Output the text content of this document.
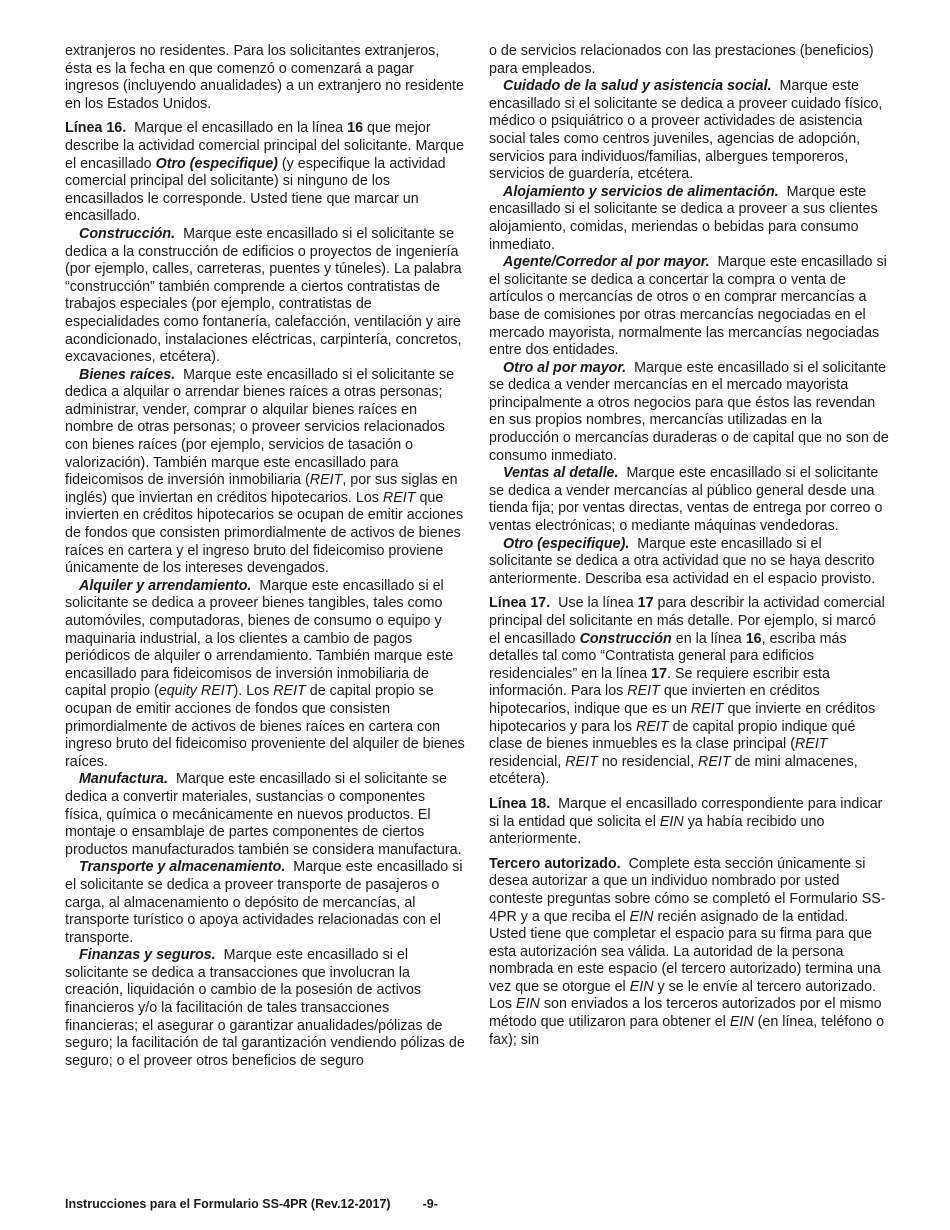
extranjeros no residentes. Para los solicitantes extranjeros, ésta es la fecha en que comenzó o comenzará a pagar ingresos (incluyendo anualidades) a un extranjero no residente en los Estados Unidos.

Línea 16. Marque el encasillado en la línea 16 que mejor describe la actividad comercial principal del solicitante. Marque el encasillado Otro (especifique) (y especifique la actividad comercial principal del solicitante) si ninguno de los encasillados le corresponde. Usted tiene que marcar un encasillado.

Construcción. Marque este encasillado si el solicitante se dedica a la construcción de edificios o proyectos de ingeniería (por ejemplo, calles, carreteras, puentes y túneles). La palabra “construcción” también comprende a ciertos contratistas de trabajos especiales (por ejemplo, contratistas de especialidades como fontanería, calefacción, ventilación y aire acondicionado, instalaciones eléctricas, carpintería, concretos, excavaciones, etcétera).

Bienes raíces. Marque este encasillado si el solicitante se dedica a alquilar o arrendar bienes raíces a otras personas; administrar, vender, comprar o alquilar bienes raíces en nombre de otras personas; o proveer servicios relacionados con bienes raíces (por ejemplo, servicios de tasación o valorización). También marque este encasillado para fideicomisos de inversión inmobiliaria (REIT, por sus siglas en inglés) que inviertan en créditos hipotecarios. Los REIT que invierten en créditos hipotecarios se ocupan de emitir acciones de fondos que consisten primordialmente de activos de bienes raíces en cartera y el ingreso bruto del fideicomiso proviene únicamente de los intereses devengados.

Alquiler y arrendamiento. Marque este encasillado si el solicitante se dedica a proveer bienes tangibles, tales como automóviles, computadoras, bienes de consumo o equipo y maquinaria industrial, a los clientes a cambio de pagos periódicos de alquiler o arrendamiento. También marque este encasillado para fideicomisos de inversión inmobiliaria de capital propio (equity REIT). Los REIT de capital propio se ocupan de emitir acciones de fondos que consisten primordialmente de activos de bienes raíces en cartera con ingreso bruto del fideicomiso proveniente del alquiler de bienes raíces.

Manufactura. Marque este encasillado si el solicitante se dedica a convertir materiales, sustancias o componentes física, química o mecánicamente en nuevos productos. El montaje o ensamblaje de partes componentes de ciertos productos manufacturados también se considera manufactura.

Transporte y almacenamiento. Marque este encasillado si el solicitante se dedica a proveer transporte de pasajeros o carga, al almacenamiento o depósito de mercancías, al transporte turístico o apoya actividades relacionadas con el transporte.

Finanzas y seguros. Marque este encasillado si el solicitante se dedica a transacciones que involucran la creación, liquidación o cambio de la posesión de activos financieros y/o la facilitación de tales transacciones financieras; el asegurar o garantizar anualidades/pólizas de seguro; la facilitación de tal garantización vendiendo pólizas de seguro; o el proveer otros beneficios de seguro

o de servicios relacionados con las prestaciones (beneficios) para empleados.

Cuidado de la salud y asistencia social. Marque este encasillado si el solicitante se dedica a proveer cuidado físico, médico o psiquiátrico o a proveer actividades de asistencia social tales como centros juveniles, agencias de adopción, servicios para individuos/familias, albergues temporeros, servicios de guardería, etcétera.

Alojamiento y servicios de alimentación. Marque este encasillado si el solicitante se dedica a proveer a sus clientes alojamiento, comidas, meriendas o bebidas para consumo inmediato.

Agente/Corredor al por mayor. Marque este encasillado si el solicitante se dedica a concertar la compra o venta de artículos o mercancías de otros o en comprar mercancías a base de comisiones por otras mercancías negociadas en el mercado mayorista, normalmente las mercancías negociadas entre dos entidades.

Otro al por mayor. Marque este encasillado si el solicitante se dedica a vender mercancías en el mercado mayorista principalmente a otros negocios para que éstos las revendan en sus propios nombres, mercancías utilizadas en la producción o mercancías duraderas o de capital que no son de consumo inmediato.

Ventas al detalle. Marque este encasillado si el solicitante se dedica a vender mercancías al público general desde una tienda fija; por ventas directas, ventas de entrega por correo o ventas electrónicas; o mediante máquinas vendedoras.

Otro (especifique). Marque este encasillado si el solicitante se dedica a otra actividad que no se haya descrito anteriormente. Describa esa actividad en el espacio provisto.

Línea 17. Use la línea 17 para describir la actividad comercial principal del solicitante en más detalle. Por ejemplo, si marcó el encasillado Construcción en la línea 16, escriba más detalles tal como “Contratista general para edificios residenciales” en la línea 17. Se requiere escribir esta información. Para los REIT que invierten en créditos hipotecarios, indique que es un REIT que invierte en créditos hipotecarios y para los REIT de capital propio indique qué clase de bienes inmuebles es la clase principal (REIT residencial, REIT no residencial, REIT de mini almacenes, etcétera).

Línea 18. Marque el encasillado correspondiente para indicar si la entidad que solicita el EIN ya había recibido uno anteriormente.

Tercero autorizado. Complete esta sección únicamente si desea autorizar a que un individuo nombrado por usted conteste preguntas sobre cómo se completó el Formulario SS-4PR y a que reciba el EIN recién asignado de la entidad. Usted tiene que completar el espacio para su firma para que esta autorización sea válida. La autoridad de la persona nombrada en este espacio (el tercero autorizado) termina una vez que se otorgue el EIN y se le envíe al tercero autorizado. Los EIN son enviados a los terceros autorizados por el mismo método que utilizaron para obtener el EIN (en línea, teléfono o fax); sin

Instrucciones para el Formulario SS-4PR (Rev.12-2017)	-9-
